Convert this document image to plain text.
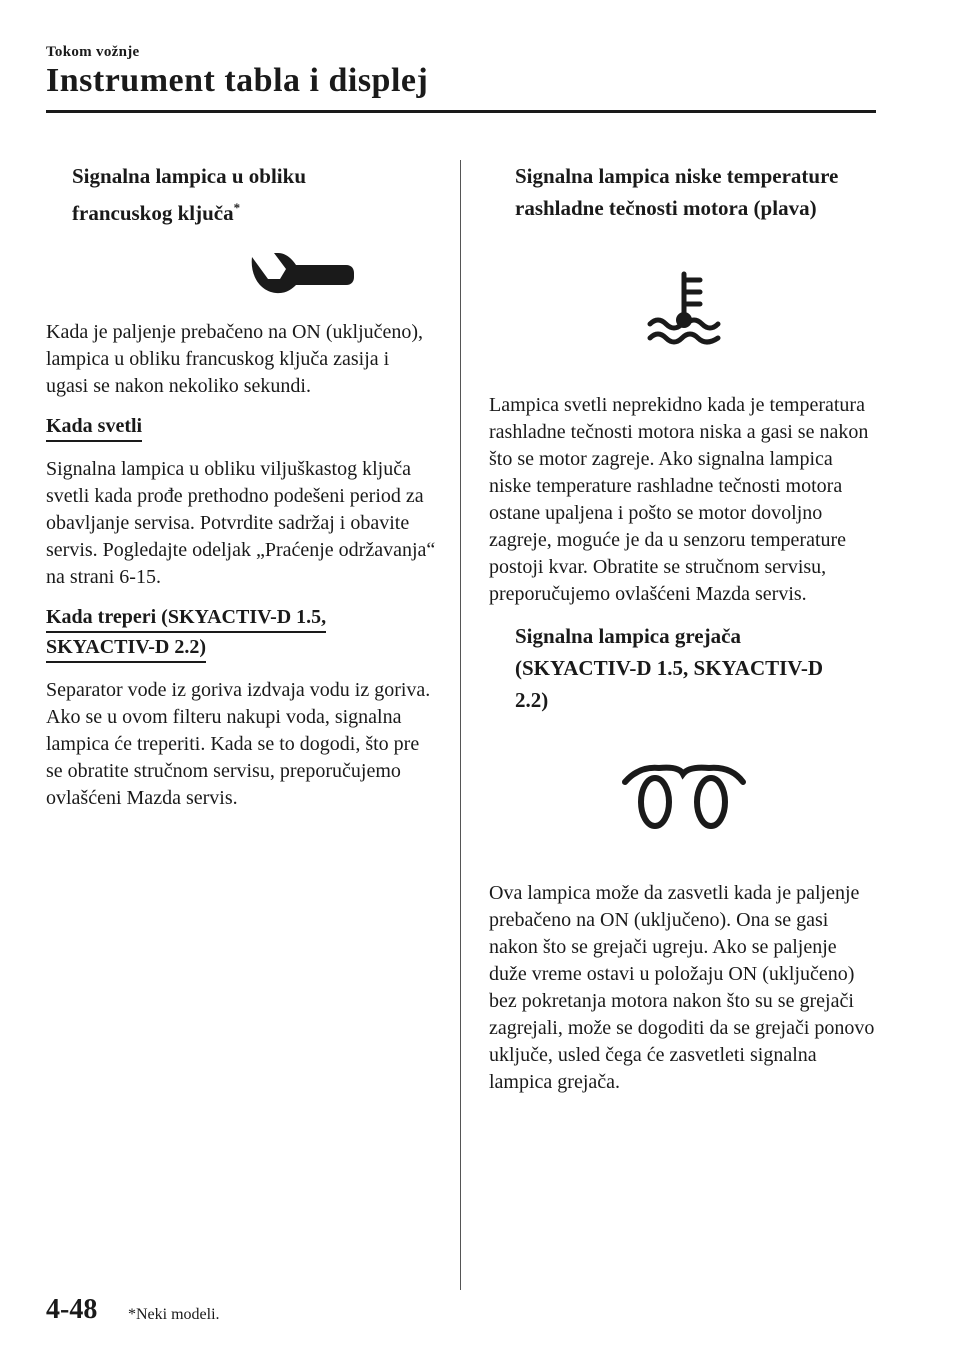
Tokom vožnje
Instrument tabla i displej
Signalna lampica u obliku
francuskog ključa*

Kada je paljenje prebačeno na ON (uključeno), lampica u obliku francuskog ključa zasija i ugasi se nakon nekoliko sekundi.

Kada svetli

Signalna lampica u obliku viljuškastog ključa svetli kada prođe prethodno podešeni period za obavljanje servisa. Potvrdite sadržaj i obavite servis. Pogledajte odeljak „Praćenje održavanja“ na strani 6-15.

Kada treperi (SKYACTIV-D 1.5,
SKYACTIV-D 2.2)

Separator vode iz goriva izdvaja vodu iz goriva.

Ako se u ovom filteru nakupi voda, signalna lampica će treperiti. Kada se to dogodi, što pre se obratite stručnom servisu, preporučujemo ovlašćeni Mazda servis.

Signalna lampica niske temperature
rashladne tečnosti motora (plava)

Lampica svetli neprekidno kada je temperatura rashladne tečnosti motora niska a gasi se nakon što se motor zagreje. Ako signalna lampica niske temperature rashladne tečnosti motora ostane upaljena i pošto se motor dovoljno zagreje, moguće je da u senzoru temperature postoji kvar. Obratite se stručnom servisu, preporučujemo ovlašćeni Mazda servis.

Signalna lampica grejača
(SKYACTIV-D 1.5, SKYACTIV-D
2.2)

Ova lampica može da zasvetli kada je paljenje prebačeno na ON (uključeno). Ona se gasi nakon što se grejači ugreju. Ako se paljenje duže vreme ostavi u položaju ON (uključeno) bez pokretanja motora nakon što su se grejači zagrejali, može se dogoditi da se grejači ponovo uključe, usled čega će zasvetleti signalna lampica grejača.

4-48 *Neki modeli.
